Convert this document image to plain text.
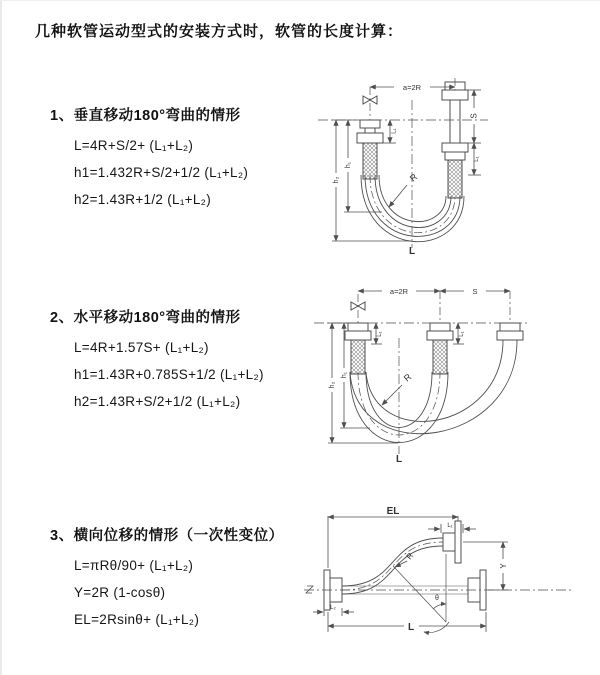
几种软管运动型式的安装方式时，软管的长度计算：
1、垂直移动180°弯曲的情形
L=4R+S/2+ (L₁+L₂)
h1=1.432R+S/2+1/2 (L₁+L₂)
h2=1.43R+1/2 (L₁+L₂)
2、水平移动180°弯曲的情形
L=4R+1.57S+ (L₁+L₂)
h1=1.43R+0.785S+1/2 (L₁+L₂)
h2=1.43R+S/2+1/2 (L₁+L₂)
3、横向位移的情形（一次性变位）
L=πRθ/90+ (L₁+L₂)
Y=2R (1-cosθ)
EL=2Rsinθ+ (L₁+L₂)
a=2R
S
L₁
L₁
h₁
h₂	R
L
a=2R	S
L₁	L₁
h₁
h₂
R
L
EL
L₁
Y
R
θ
L
L₂
